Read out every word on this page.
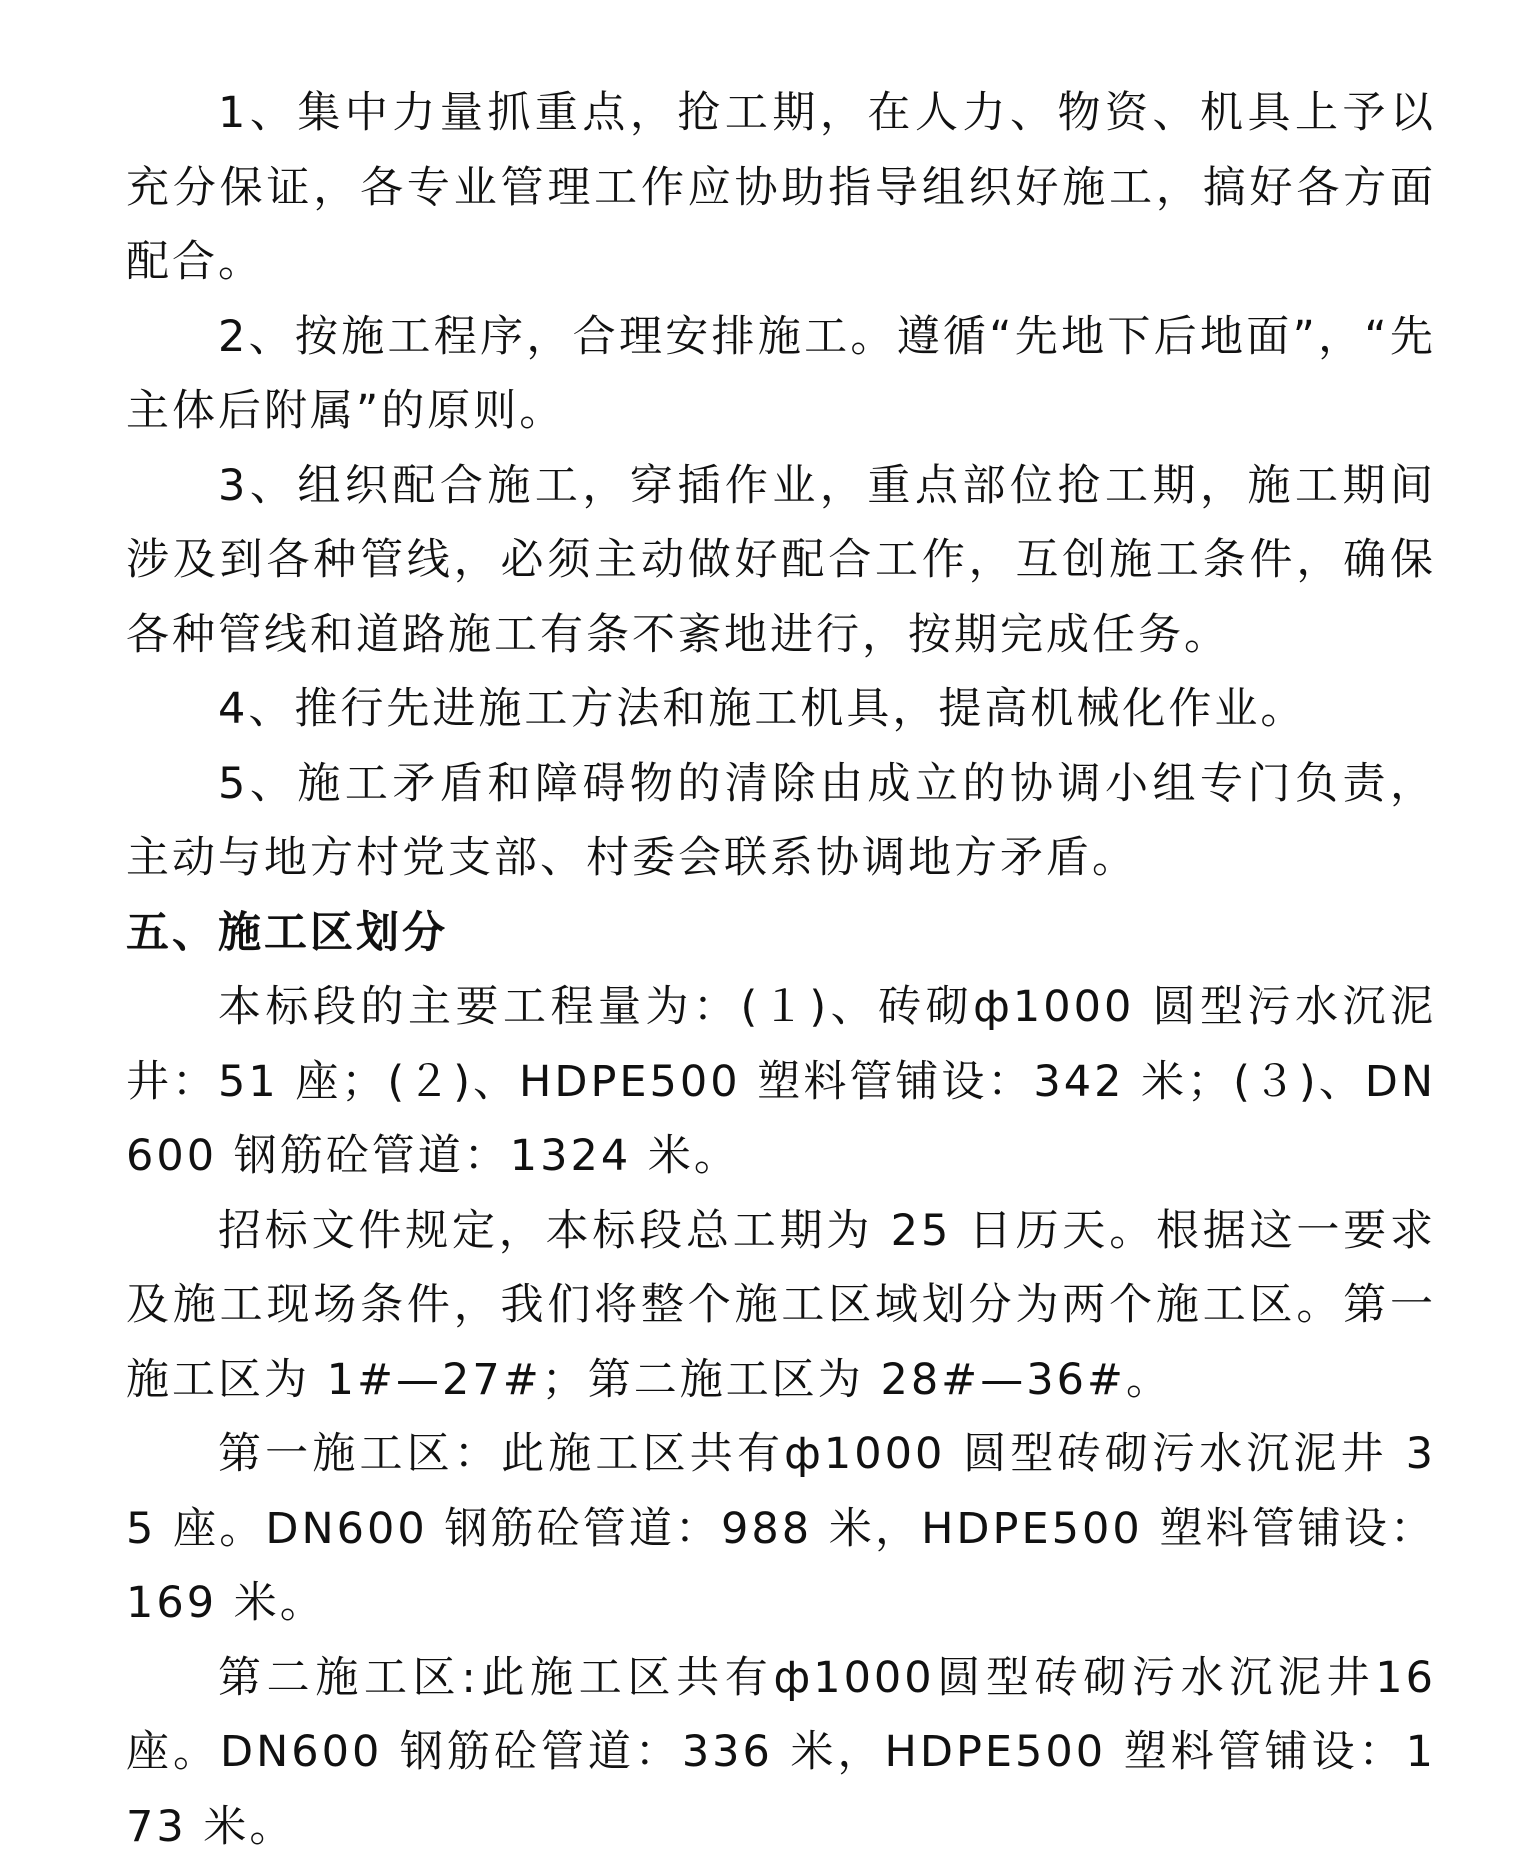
1、集中力量抓重点，抢工期，在人力、物资、机具上予以充分保证，各专业管理工作应协助指导组织好施工，搞好各方面配合。

2、按施工程序，合理安排施工。遵循“先地下后地面”，“先主体后附属”的原则。

3、组织配合施工，穿插作业，重点部位抢工期，施工期间涉及到各种管线，必须主动做好配合工作，互创施工条件，确保各种管线和道路施工有条不紊地进行，按期完成任务。

4、推行先进施工方法和施工机具，提高机械化作业。

5、施工矛盾和障碍物的清除由成立的协调小组专门负责，主动与地方村党支部、村委会联系协调地方矛盾。

五、施工区划分

本标段的主要工程量为：(１)、砖砌ф1000 圆型污水沉泥井：51 座；(２)、HDPE500 塑料管铺设：342 米；(３)、DN600 钢筋砼管道：1324 米。

招标文件规定，本标段总工期为 25 日历天。根据这一要求及施工现场条件，我们将整个施工区域划分为两个施工区。第一施工区为 1#—27#；第二施工区为 28#—36#。

第一施工区：此施工区共有ф1000 圆型砖砌污水沉泥井 35 座。DN600 钢筋砼管道：988 米，HDPE500 塑料管铺设：169 米。

第二施工区:此施工区共有ф1000圆型砖砌污水沉泥井16座。DN600 钢筋砼管道：336 米，HDPE500 塑料管铺设：173 米。
